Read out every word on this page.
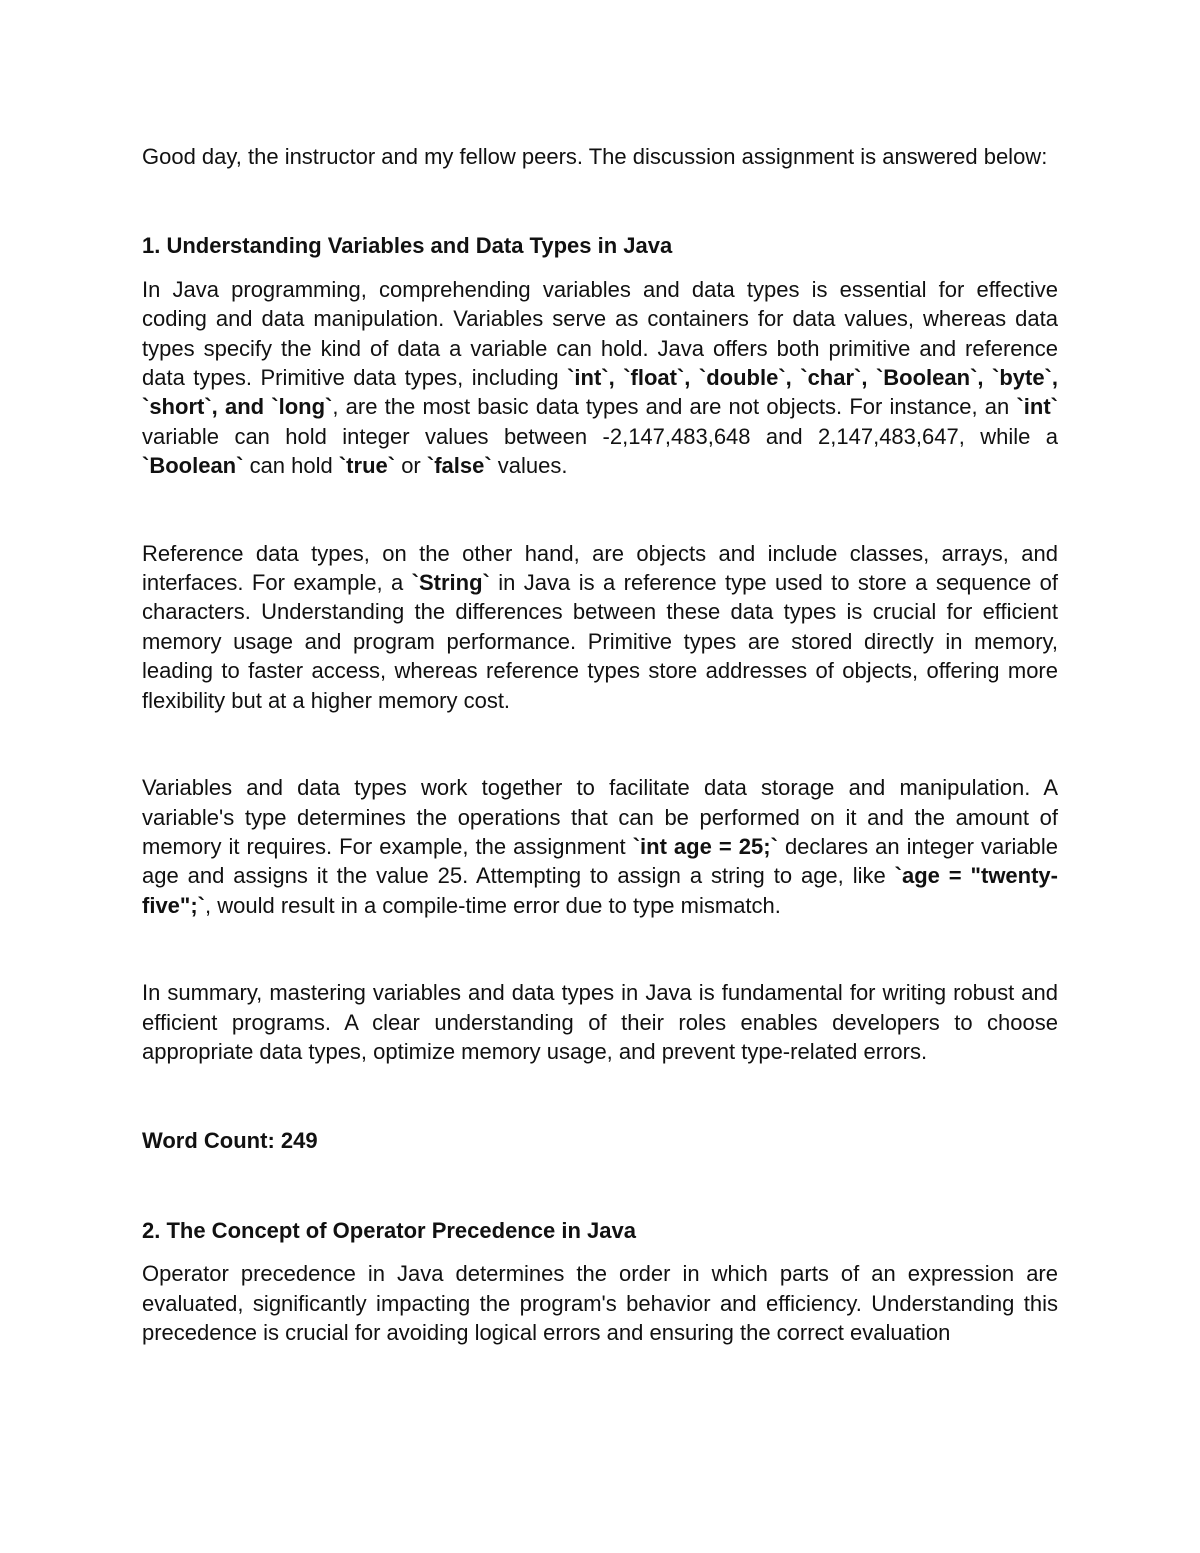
Good day, the instructor and my fellow peers. The discussion assignment is answered below:

1. Understanding Variables and Data Types in Java

In Java programming, comprehending variables and data types is essential for effective coding and data manipulation. Variables serve as containers for data values, whereas data types specify the kind of data a variable can hold. Java offers both primitive and reference data types. Primitive data types, including `int`, `float`, `double`, `char`, `Boolean`, `byte`, `short`, and `long`, are the most basic data types and are not objects. For instance, an `int` variable can hold integer values between -2,147,483,648 and 2,147,483,647, while a `Boolean` can hold `true` or `false` values.

Reference data types, on the other hand, are objects and include classes, arrays, and interfaces. For example, a `String` in Java is a reference type used to store a sequence of characters. Understanding the differences between these data types is crucial for efficient memory usage and program performance. Primitive types are stored directly in memory, leading to faster access, whereas reference types store addresses of objects, offering more flexibility but at a higher memory cost.

Variables and data types work together to facilitate data storage and manipulation. A variable's type determines the operations that can be performed on it and the amount of memory it requires. For example, the assignment `int age = 25;` declares an integer variable age and assigns it the value 25. Attempting to assign a string to age, like `age = "twenty-five";`, would result in a compile-time error due to type mismatch.

In summary, mastering variables and data types in Java is fundamental for writing robust and efficient programs. A clear understanding of their roles enables developers to choose appropriate data types, optimize memory usage, and prevent type-related errors.

Word Count: 249

2. The Concept of Operator Precedence in Java

Operator precedence in Java determines the order in which parts of an expression are evaluated, significantly impacting the program's behavior and efficiency. Understanding this precedence is crucial for avoiding logical errors and ensuring the correct evaluation
